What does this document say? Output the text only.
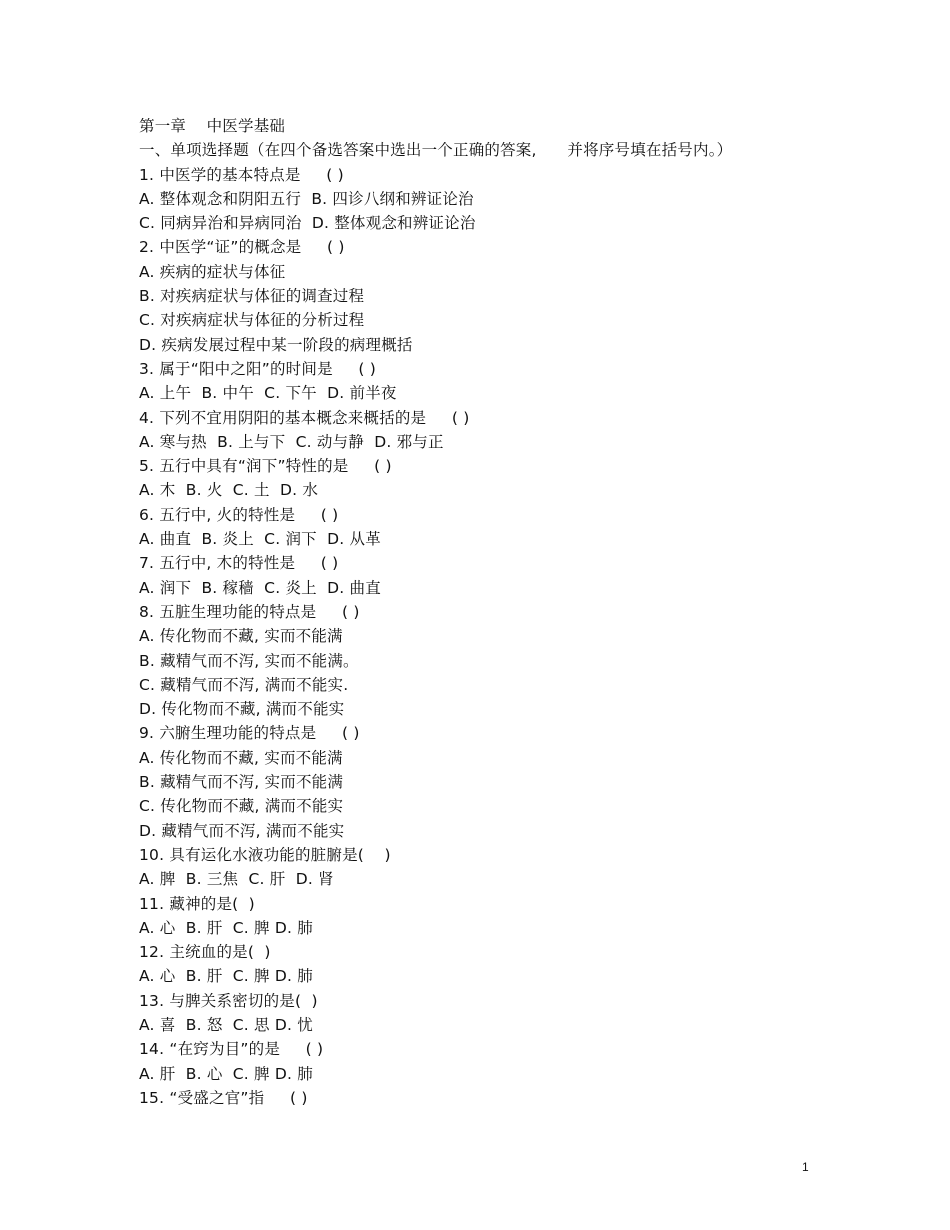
第一章    中医学基础
一、单项选择题（在四个备选答案中选出一个正确的答案,      并将序号填在括号内。）
1. 中医学的基本特点是     ( )
A. 整体观念和阴阳五行  B. 四诊八纲和辨证论治
C. 同病异治和异病同治  D. 整体观念和辨证论治
2. 中医学“证”的概念是     ( )
A. 疾病的症状与体征
B. 对疾病症状与体征的调查过程
C. 对疾病症状与体征的分析过程
D. 疾病发展过程中某一阶段的病理概括
3. 属于“阳中之阳”的时间是     ( )
A. 上午  B. 中午  C. 下午  D. 前半夜
4. 下列不宜用阴阳的基本概念来概括的是     ( )
A. 寒与热  B. 上与下  C. 动与静  D. 邪与正
5. 五行中具有“润下”特性的是     ( )
A. 木  B. 火  C. 土  D. 水
6. 五行中, 火的特性是     ( )
A. 曲直  B. 炎上  C. 润下  D. 从革
7. 五行中, 木的特性是     ( )
A. 润下  B. 稼穑  C. 炎上  D. 曲直
8. 五脏生理功能的特点是     ( )
A. 传化物而不藏, 实而不能满
B. 藏精气而不泻, 实而不能满。
C. 藏精气而不泻, 满而不能实.
D. 传化物而不藏, 满而不能实
9. 六腑生理功能的特点是     ( )
A. 传化物而不藏, 实而不能满
B. 藏精气而不泻, 实而不能满
C. 传化物而不藏, 满而不能实
D. 藏精气而不泻, 满而不能实
10. 具有运化水液功能的脏腑是(    )
A. 脾  B. 三焦  C. 肝  D. 肾
11. 藏神的是(  )
A. 心  B. 肝  C. 脾 D. 肺
12. 主统血的是(  )
A. 心  B. 肝  C. 脾 D. 肺
13. 与脾关系密切的是(  )
A. 喜  B. 怒  C. 思 D. 忧
14. “在窍为目”的是     ( )
A. 肝  B. 心  C. 脾 D. 肺
15. “受盛之官”指     ( )
1
